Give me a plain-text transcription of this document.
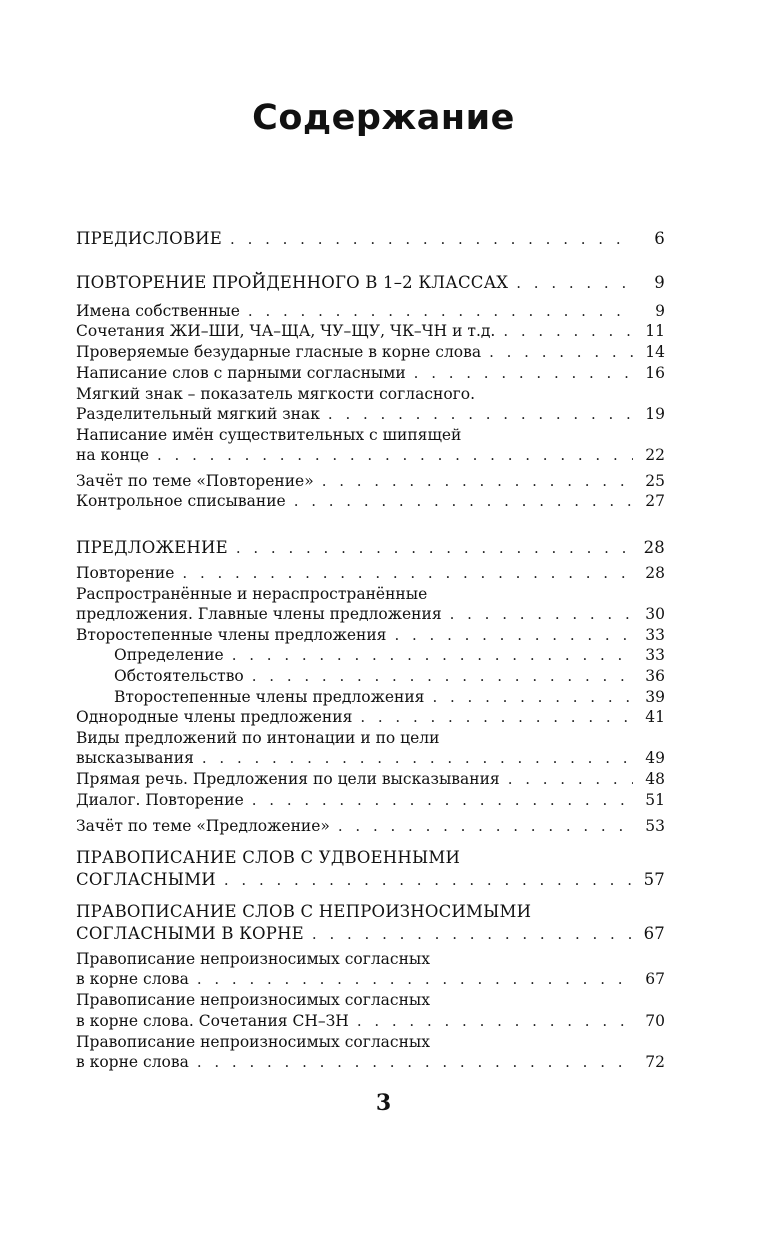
Содержание
ПРЕДИСЛОВИЕ . . .	6
ПОВТОРЕНИЕ ПРОЙДЕННОГО В 1–2 КЛАССАХ . . .	9
Имена собственные . . .	9
Сочетания ЖИ–ШИ, ЧА–ЩА, ЧУ–ЩУ, ЧК–ЧН и т.д. . . .	11
Проверяемые безударные гласные в корне слова . . .	14
Написание слов с парными согласными . . .	16
Мягкий знак – показатель мягкости согласного.
Разделительный мягкий знак . . .	19
Написание имён существительных с шипящей
на конце . . .	22
Зачёт по теме «Повторение» . . .	25
Контрольное списывание . . .	27
ПРЕДЛОЖЕНИЕ . . .	28
Повторение . . .	28
Распространённые и нераспространённые
предложения. Главные члены предложения . . .	30
Второстепенные члены предложения . . .	33
Определение . . .	33
Обстоятельство . . .	36
Второстепенные члены предложения . . .	39
Однородные члены предложения . . .	41
Виды предложений по интонации и по цели
высказывания . . .	49
Прямая речь. Предложения по цели высказывания . . .	48
Диалог. Повторение . . .	51
Зачёт по теме «Предложение» . . .	53
ПРАВОПИСАНИЕ СЛОВ С УДВОЕННЫМИ
СОГЛАСНЫМИ . . .	57
ПРАВОПИСАНИЕ СЛОВ С НЕПРОИЗНОСИМЫМИ
СОГЛАСНЫМИ В КОРНЕ . . .	67
Правописание непроизносимых согласных
в корне слова . . .	67
Правописание непроизносимых согласных
в корне слова. Сочетания СН–ЗН . . .	70
Правописание непроизносимых согласных
в корне слова . . .	72
3
